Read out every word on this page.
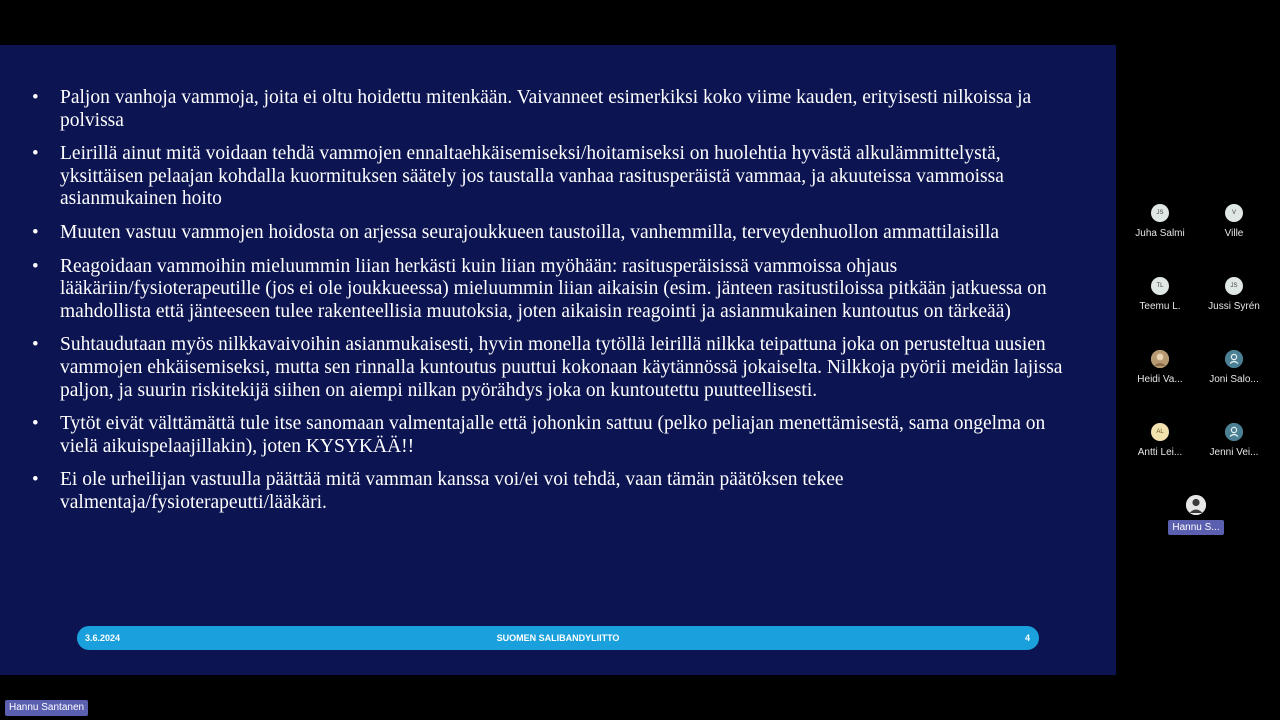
• Paljon vanhoja vammoja, joita ei oltu hoidettu mitenkään. Vaivanneet esimerkiksi koko viime kauden, erityisesti nilkoissa ja polvissa
• Leirillä ainut mitä voidaan tehdä vammojen ennaltaehkäisemiseksi/hoitamiseksi on huolehtia hyvästä alkulämmittelystä, yksittäisen pelaajan kohdalla kuormituksen säätely jos taustalla vanhaa rasitusperäistä vammaa, ja akuuteissa vammoissa asianmukainen hoito
• Muuten vastuu vammojen hoidosta on arjessa seurajoukkueen taustoilla, vanhemmilla, terveydenhuollon ammattilaisilla
• Reagoidaan vammoihin mieluummin liian herkästi kuin liian myöhään: rasitusperäisissä vammoissa ohjaus lääkäriin/fysioterapeutille (jos ei ole joukkueessa) mieluummin liian aikaisin (esim. jänteen rasitustiloissa pitkään jatkuessa on mahdollista että jänteeseen tulee rakenteellisia muutoksia, joten aikaisin reagointi ja asianmukainen kuntoutus on tärkeää)
• Suhtaudutaan myös nilkkavaivoihin asianmukaisesti, hyvin monella tytöllä leirillä nilkka teipattuna joka on perusteltua uusien vammojen ehkäisemiseksi, mutta sen rinnalla kuntoutus puuttui kokonaan käytännössä jokaiselta. Nilkkoja pyörii meidän lajissa paljon, ja suurin riskitekijä siihen on aiempi nilkan pyörähdys joka on kuntoutettu puutteellisesti.
• Tytöt eivät välttämättä tule itse sanomaan valmentajalle että johonkin sattuu (pelko peliajan menettämisestä, sama ongelma on vielä aikuispelaajillakin), joten KYSYKÄÄ!!
• Ei ole urheilijan vastuulla päättää mitä vamman kanssa voi/ei voi tehdä, vaan tämän päätöksen tekee valmentaja/fysioterapeutti/lääkäri.
3.6.2024	SUOMEN SALIBANDYLIITTO	4
JS
Juha Salmi
V
Ville
TL
Teemu L.
JS
Jussi Syrén
Heidi Va...	Joni Salo...
AL
Antti Lei...	Jenni Vei...
Hannu S...
Hannu Santanen
